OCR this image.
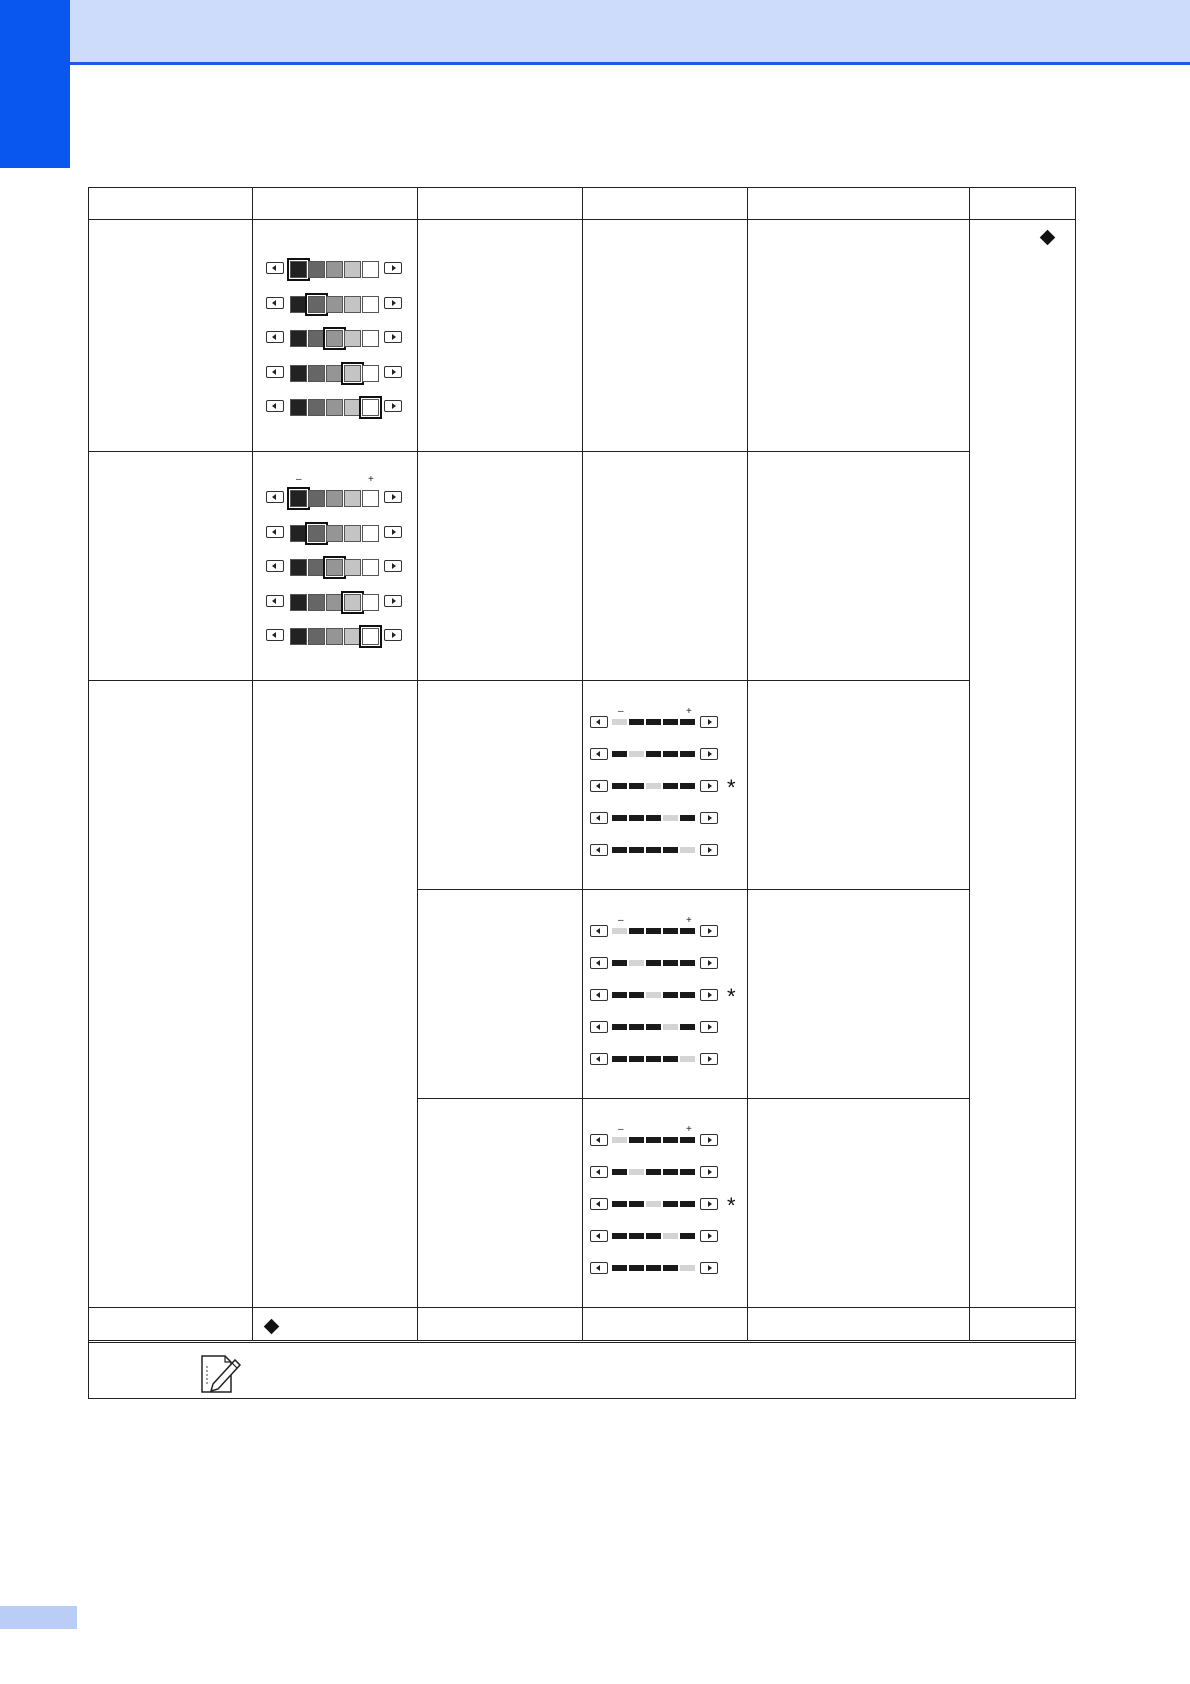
–	+
–	+
*
–	+
*
–	+
*
